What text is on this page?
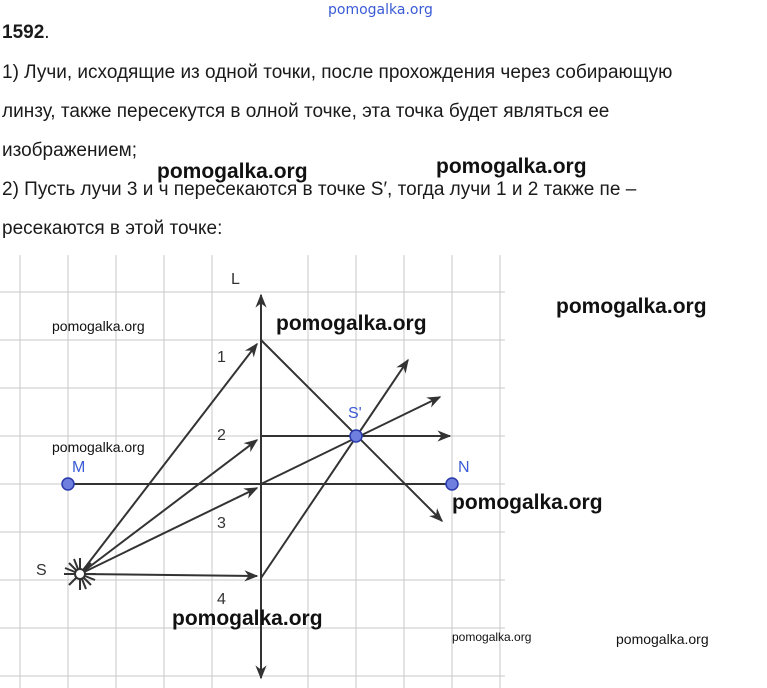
pomogalka.org
1592.
1) Лучи, исходящие из одной точки, после прохождения через собирающую
линзу, также пересекутся в олной точке, эта точка будет являться ее
изображением;
2) Пусть лучи 3 и ч пересекаются в точке S′, тогда лучи 1 и 2 также пе –
ресекаются в этой точке:
L
M	N
S
S'
1
2
3
4
pomogalka.org	pomogalka.org
pomogalka.org	pomogalka.org
pomogalka.org
pomogalka.org
pomogalka.org
pomogalka.org
pomogalka.org	pomogalka.org
